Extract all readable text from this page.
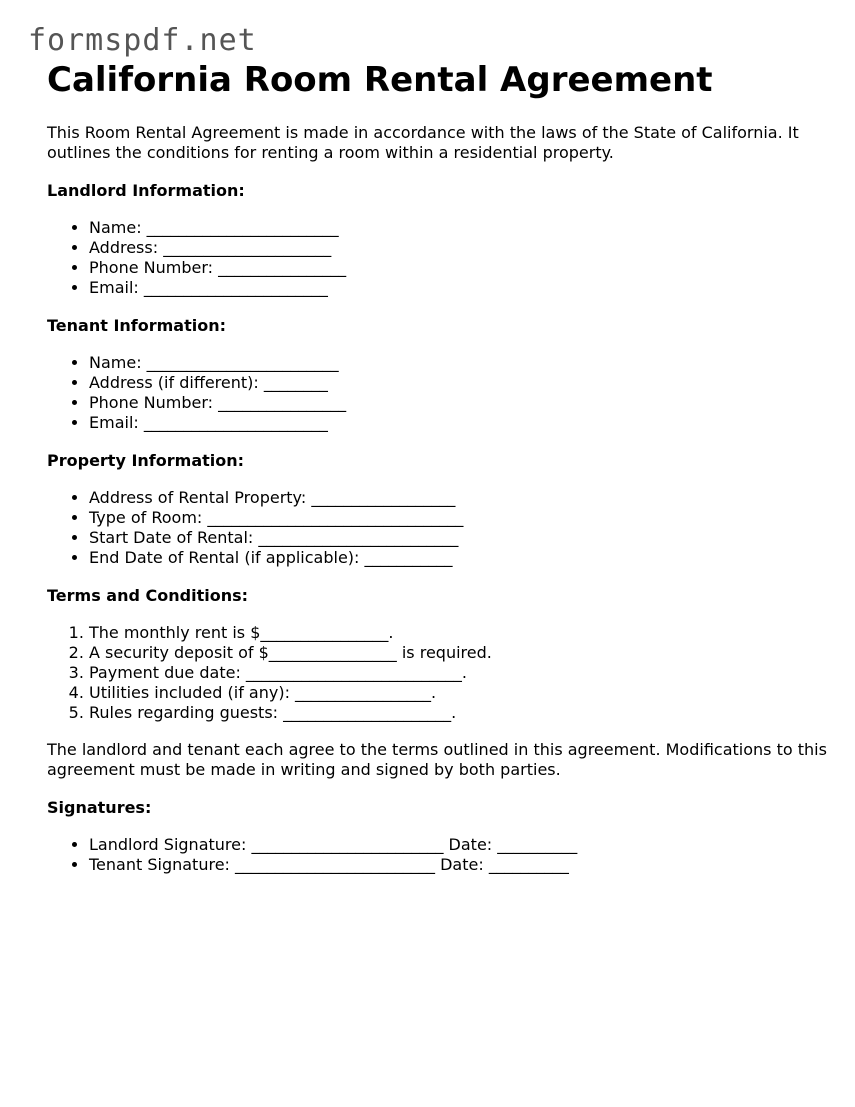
formspdf.net
California Room Rental Agreement

This Room Rental Agreement is made in accordance with the laws of the State of California. It outlines the conditions for renting a room within a residential property.

Landlord Information:
• Name: ________________________
• Address: _____________________
• Phone Number: ________________
• Email: _______________________
Tenant Information:
• Name: ________________________
• Address (if different): ________
• Phone Number: ________________
• Email: _______________________
Property Information:
• Address of Rental Property: __________________
• Type of Room: ________________________________
• Start Date of Rental: _________________________
• End Date of Rental (if applicable): ___________
Terms and Conditions:
1. The monthly rent is $________________.
2. A security deposit of $________________ is required.
3. Payment due date: ___________________________.
4. Utilities included (if any): _________________.
5. Rules regarding guests: _____________________.

The landlord and tenant each agree to the terms outlined in this agreement. Modifications to this agreement must be made in writing and signed by both parties.

Signatures:
• Landlord Signature: ________________________ Date: __________
• Tenant Signature: _________________________ Date: __________
